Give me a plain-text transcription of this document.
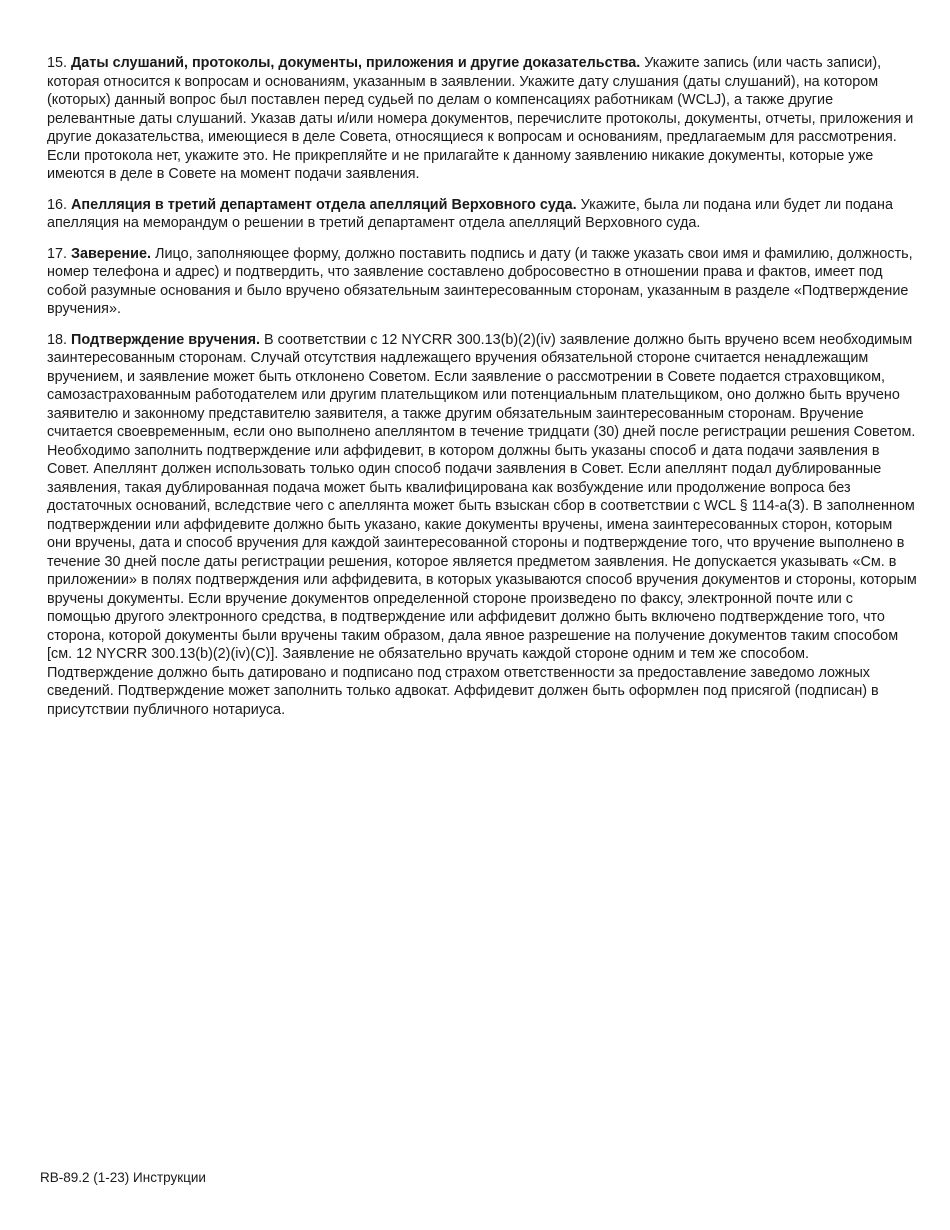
15. Даты слушаний, протоколы, документы, приложения и другие доказательства. Укажите запись (или часть записи), которая относится к вопросам и основаниям, указанным в заявлении. Укажите дату слушания (даты слушаний), на котором (которых) данный вопрос был поставлен перед судьей по делам о компенсациях работникам (WCLJ), а также другие релевантные даты слушаний. Указав даты и/или номера документов, перечислите протоколы, документы, отчеты, приложения и другие доказательства, имеющиеся в деле Совета, относящиеся к вопросам и основаниям, предлагаемым для рассмотрения. Если протокола нет, укажите это. Не прикрепляйте и не прилагайте к данному заявлению никакие документы, которые уже имеются в деле в Совете на момент подачи заявления.

16. Апелляция в третий департамент отдела апелляций Верховного суда. Укажите, была ли подана или будет ли подана апелляция на меморандум о решении в третий департамент отдела апелляций Верховного суда.

17. Заверение. Лицо, заполняющее форму, должно поставить подпись и дату (и также указать свои имя и фамилию, должность, номер телефона и адрес) и подтвердить, что заявление составлено добросовестно в отношении права и фактов, имеет под собой разумные основания и было вручено обязательным заинтересованным сторонам, указанным в разделе «Подтверждение вручения».

18. Подтверждение вручения. В соответствии с 12 NYCRR 300.13(b)(2)(iv) заявление должно быть вручено всем необходимым заинтересованным сторонам. Случай отсутствия надлежащего вручения обязательной стороне считается ненадлежащим вручением, и заявление может быть отклонено Советом. Если заявление о рассмотрении в Совете подается страховщиком, самозастрахованным работодателем или другим плательщиком или потенциальным плательщиком, оно должно быть вручено заявителю и законному представителю заявителя, а также другим обязательным заинтересованным сторонам. Вручение считается своевременным, если оно выполнено апеллянтом в течение тридцати (30) дней после регистрации решения Советом. Необходимо заполнить подтверждение или аффидевит, в котором должны быть указаны способ и дата подачи заявления в Совет. Апеллянт должен использовать только один способ подачи заявления в Совет. Если апеллянт подал дублированные заявления, такая дублированная подача может быть квалифицирована как возбуждение или продолжение вопроса без достаточных оснований, вследствие чего с апеллянта может быть взыскан сбор в соответствии с WCL § 114-a(3). В заполненном подтверждении или аффидевите должно быть указано, какие документы вручены, имена заинтересованных сторон, которым они вручены, дата и способ вручения для каждой заинтересованной стороны и подтверждение того, что вручение выполнено в течение 30 дней после даты регистрации решения, которое является предметом заявления. Не допускается указывать «См. в приложении» в полях подтверждения или аффидевита, в которых указываются способ вручения документов и стороны, которым вручены документы. Если вручение документов определенной стороне произведено по факсу, электронной почте или с помощью другого электронного средства, в подтверждение или аффидевит должно быть включено подтверждение того, что сторона, которой документы были вручены таким образом, дала явное разрешение на получение документов таким способом [см. 12 NYCRR 300.13(b)(2)(iv)(C)]. Заявление не обязательно вручать каждой стороне одним и тем же способом. Подтверждение должно быть датировано и подписано под страхом ответственности за предоставление заведомо ложных сведений. Подтверждение может заполнить только адвокат. Аффидевит должен быть оформлен под присягой (подписан) в присутствии публичного нотариуса.

RB-89.2 (1-23) Инструкции
